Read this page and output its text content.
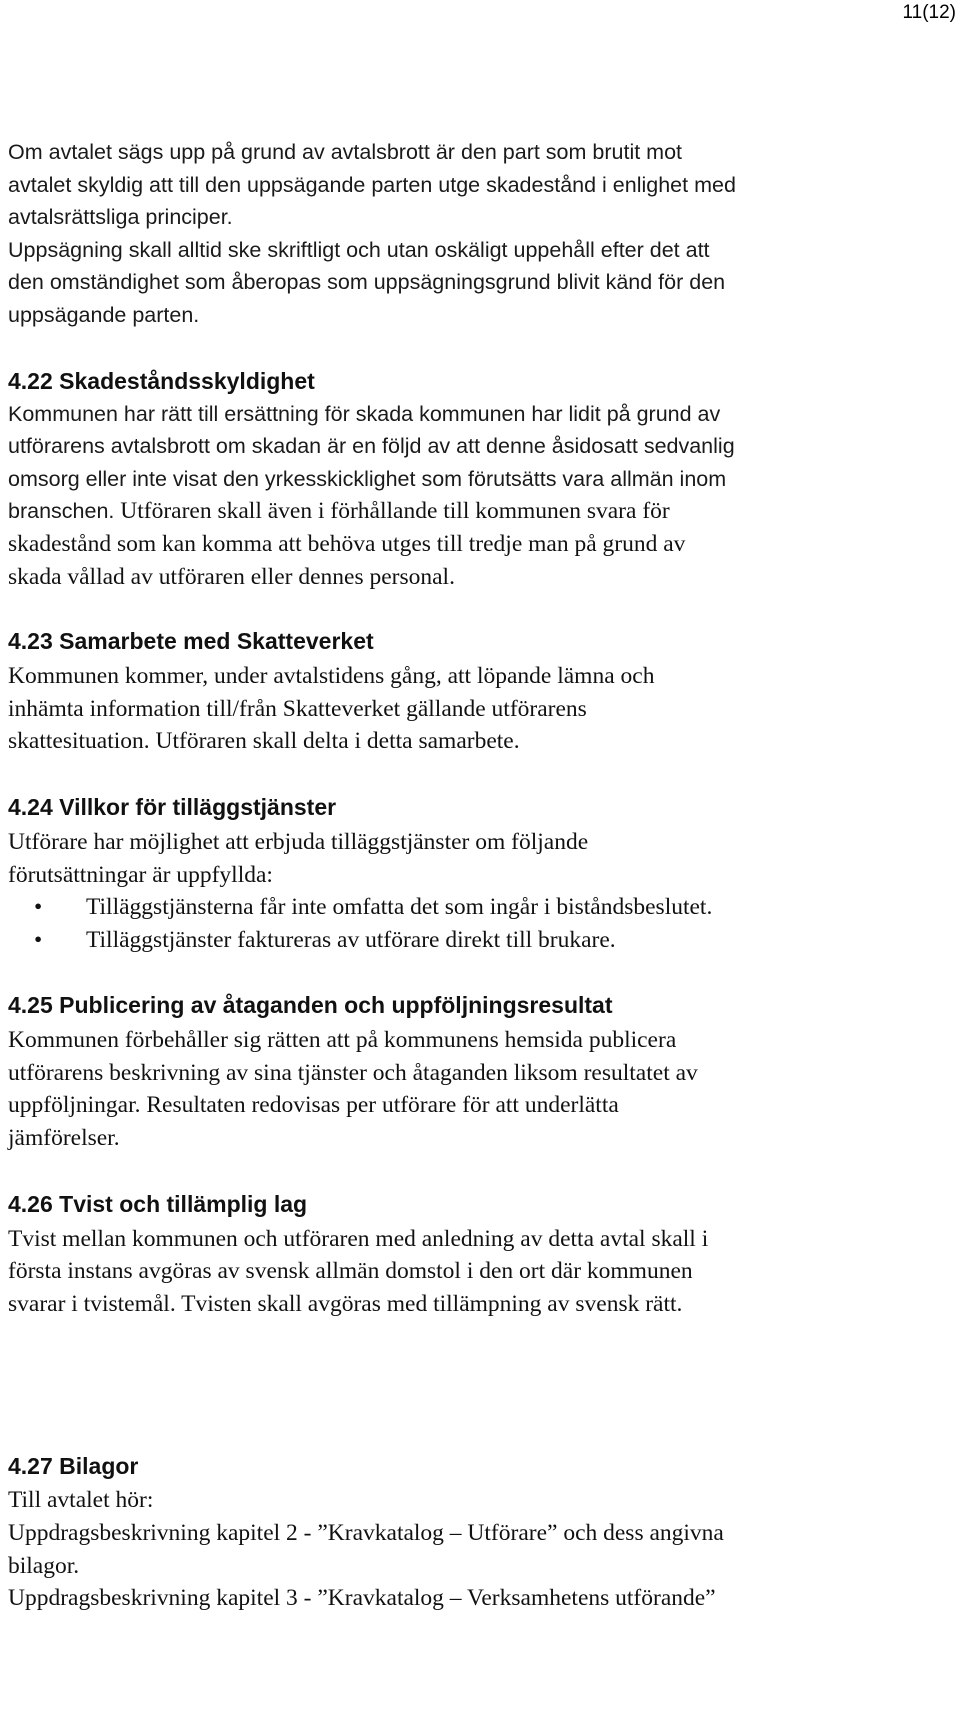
11(12)

Om avtalet sägs upp på grund av avtalsbrott är den part som brutit mot
avtalet skyldig att till den uppsägande parten utge skadestånd i enlighet med
avtalsrättsliga principer.
Uppsägning skall alltid ske skriftligt och utan oskäligt uppehåll efter det att
den omständighet som åberopas som uppsägningsgrund blivit känd för den
uppsägande parten.

4.22 Skadeståndsskyldighet

Kommunen har rätt till ersättning för skada kommunen har lidit på grund av
utförarens avtalsbrott om skadan är en följd av att denne åsidosatt sedvanlig
omsorg eller inte visat den yrkesskicklighet som förutsätts vara allmän inom
branschen. Utföraren skall även i förhållande till kommunen svara för

skadestånd som kan komma att behöva utges till tredje man på grund av
skada vållad av utföraren eller dennes personal.

4.23 Samarbete med Skatteverket

Kommunen kommer, under avtalstidens gång, att löpande lämna och
inhämta information till/från Skatteverket gällande utförarens
skattesituation. Utföraren skall delta i detta samarbete.

4.24 Villkor för tilläggstjänster

Utförare har möjlighet att erbjuda tilläggstjänster om följande
förutsättningar är uppfyllda:

• Tilläggstjänsterna får inte omfatta det som ingår i biståndsbeslutet.
• Tilläggstjänster faktureras av utförare direkt till brukare.
4.25 Publicering av åtaganden och uppföljningsresultat

Kommunen förbehåller sig rätten att på kommunens hemsida publicera
utförarens beskrivning av sina tjänster och åtaganden liksom resultatet av
uppföljningar. Resultaten redovisas per utförare för att underlätta
jämförelser.

4.26 Tvist och tillämplig lag

Tvist mellan kommunen och utföraren med anledning av detta avtal skall i
första instans avgöras av svensk allmän domstol i den ort där kommunen
svarar i tvistemål. Tvisten skall avgöras med tillämpning av svensk rätt.

4.27 Bilagor

Till avtalet hör:
Uppdragsbeskrivning kapitel 2 - ”Kravkatalog – Utförare” och dess angivna
bilagor.
Uppdragsbeskrivning kapitel 3 - ”Kravkatalog – Verksamhetens utförande”
